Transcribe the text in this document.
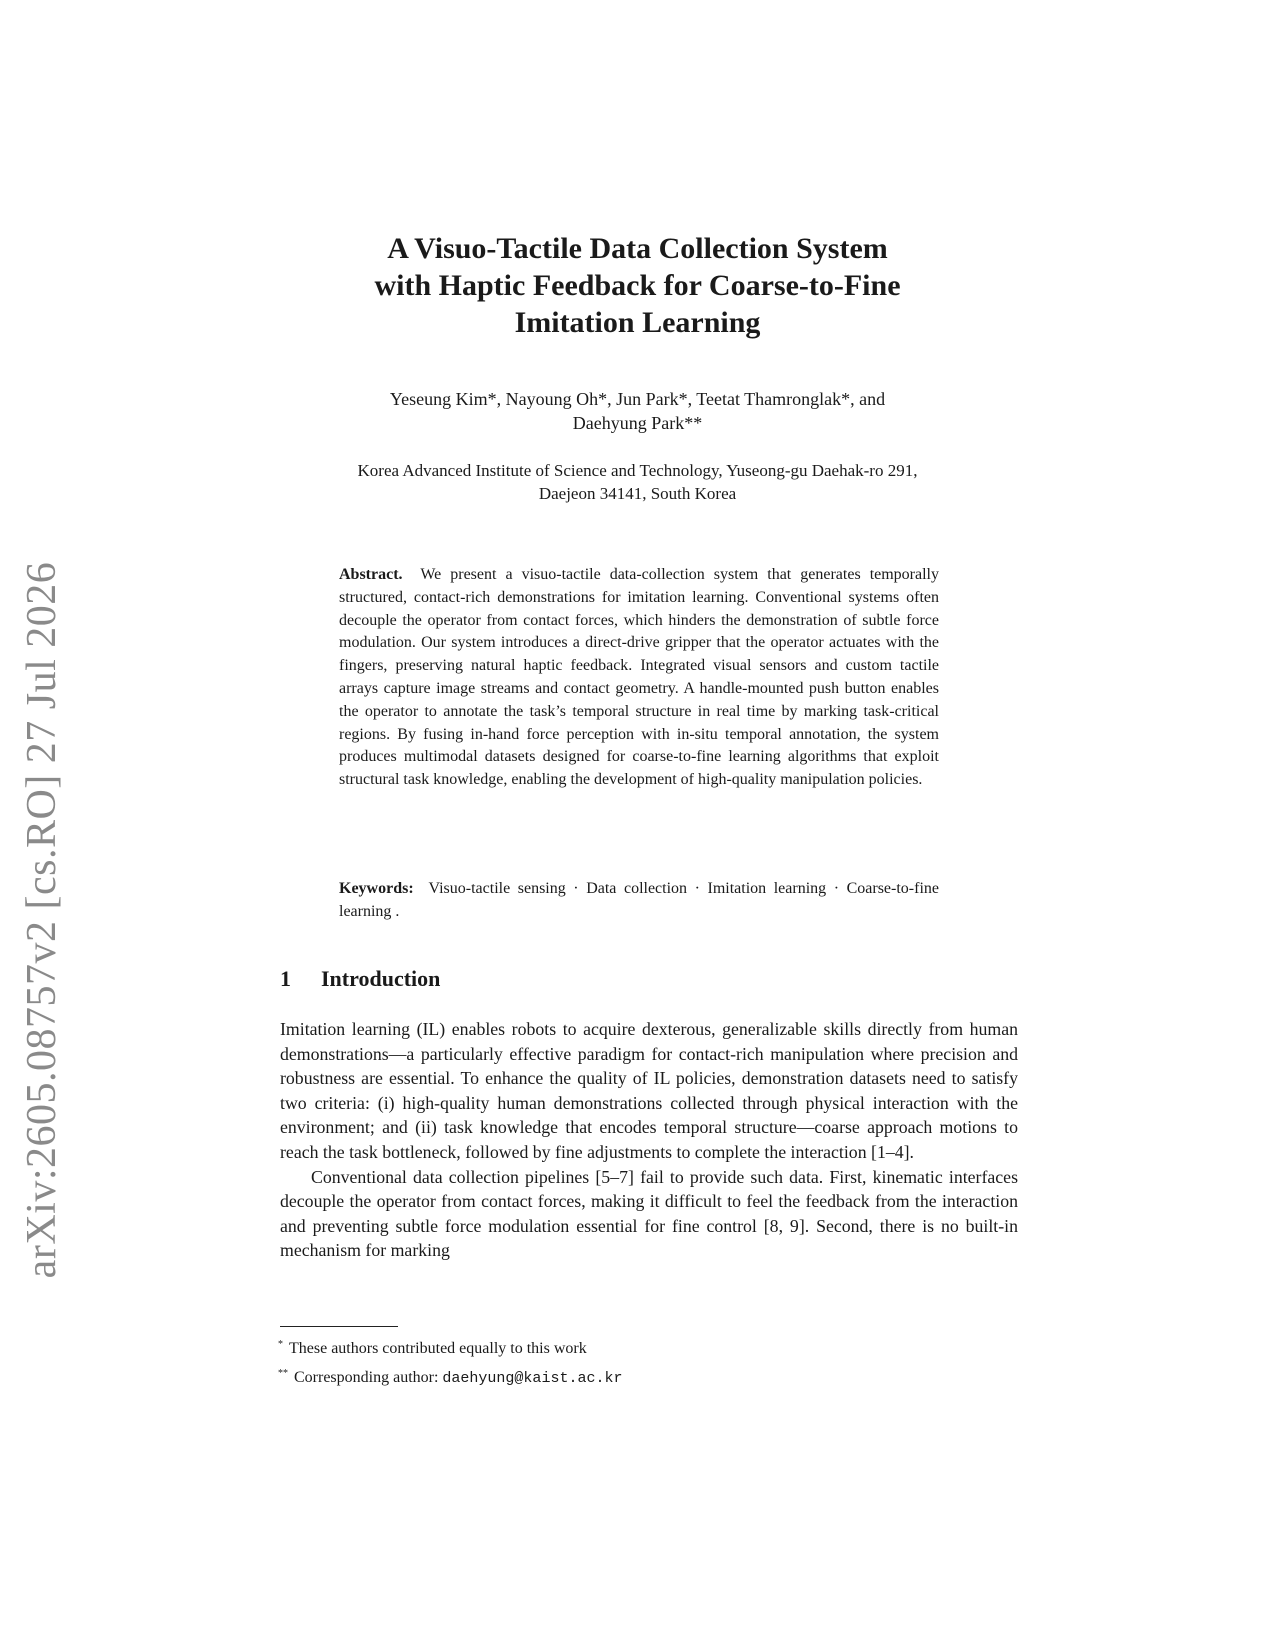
arXiv:2605.08757v2 [cs.RO] 27 Jul 2026
A Visuo-Tactile Data Collection System
with Haptic Feedback for Coarse-to-Fine
Imitation Learning
Yeseung Kim*, Nayoung Oh*, Jun Park*, Teetat Thamronglak*, and
Daehyung Park**
Korea Advanced Institute of Science and Technology, Yuseong-gu Daehak-ro 291,
Daejeon 34141, South Korea
Abstract. We present a visuo-tactile data-collection system that generates temporally structured, contact-rich demonstrations for imitation learning. Conventional systems often decouple the operator from contact forces, which hinders the demonstration of subtle force modulation. Our system introduces a direct-drive gripper that the operator actuates with the fingers, preserving natural haptic feedback. Integrated visual sensors and custom tactile arrays capture image streams and contact geometry. A handle-mounted push button enables the operator to annotate the task’s temporal structure in real time by marking task-critical regions. By fusing in-hand force perception with in-situ temporal annotation, the system produces multimodal datasets designed for coarse-to-fine learning algorithms that exploit structural task knowledge, enabling the development of high-quality manipulation policies.
Keywords: Visuo-tactile sensing · Data collection · Imitation learning · Coarse-to-fine learning .
1 Introduction

Imitation learning (IL) enables robots to acquire dexterous, generalizable skills directly from human demonstrations—a particularly effective paradigm for contact-rich manipulation where precision and robustness are essential. To enhance the quality of IL policies, demonstration datasets need to satisfy two criteria: (i) high-quality human demonstrations collected through physical interaction with the environment; and (ii) task knowledge that encodes temporal structure—coarse approach motions to reach the task bottleneck, followed by fine adjustments to complete the interaction [1–4].

Conventional data collection pipelines [5–7] fail to provide such data. First, kinematic interfaces decouple the operator from contact forces, making it difficult to feel the feedback from the interaction and preventing subtle force modulation essential for fine control [8, 9]. Second, there is no built-in mechanism for marking

* These authors contributed equally to this work
** Corresponding author: daehyung@kaist.ac.kr
